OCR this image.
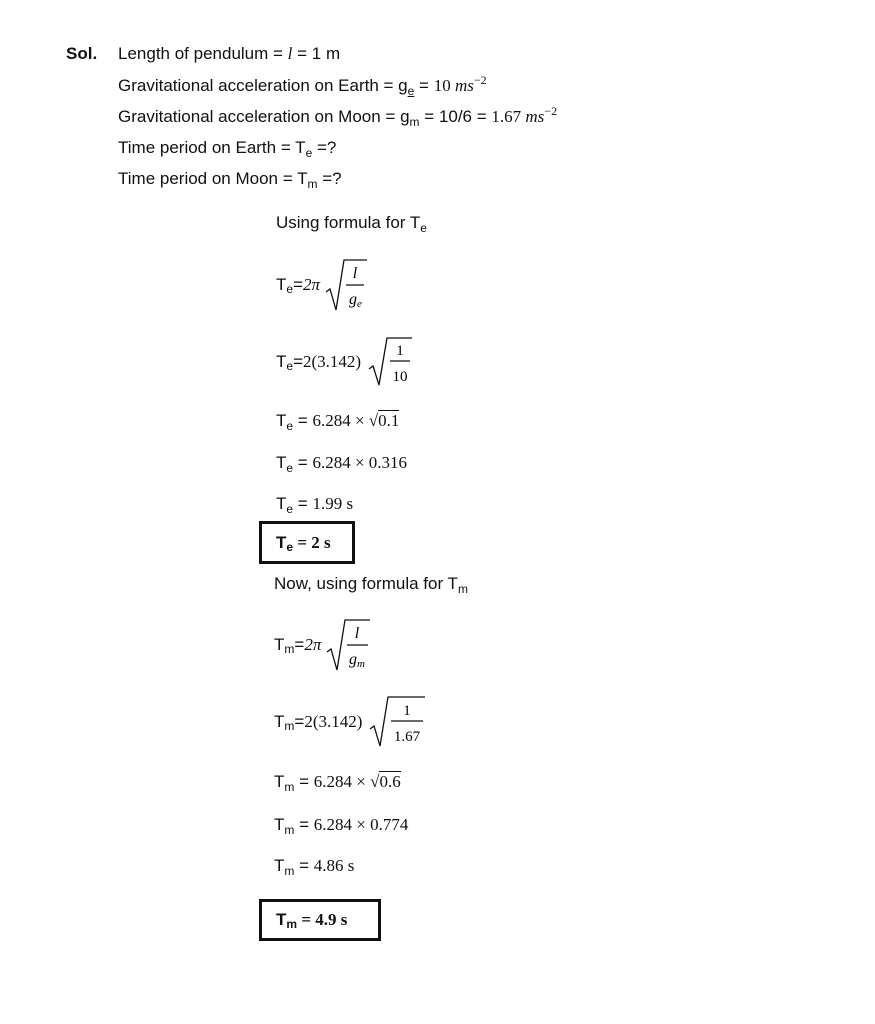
Sol. Length of pendulum = l = 1 m
Gravitational acceleration on Earth = $g_e = 10$ $ms^{-2}$
Gravitational acceleration on Moon = $g_m = 10/6 = 1.67$ $ms^{-2}$
Time period on Earth = $T_e$ =?
Time period on Moon = $T_m$ =?
Using formula for $T_e$
T e = 2π
l
g e
T e = 2(3.142)
1
10
$T_e = 6.284 \times √0.1$
$T_e = 6.284 \times 0.316$
$T_e = 1.99$ s
T e = 2 s
Now, using formula for $T_m$
T m = 2π
l
g m
T m = 2(3.142)
1
1.67
$T_m = 6.284 \times √0.6$
$T_m = 6.284 \times 0.774$
$T_m = 4.86$ s
T m = 4.9 s
